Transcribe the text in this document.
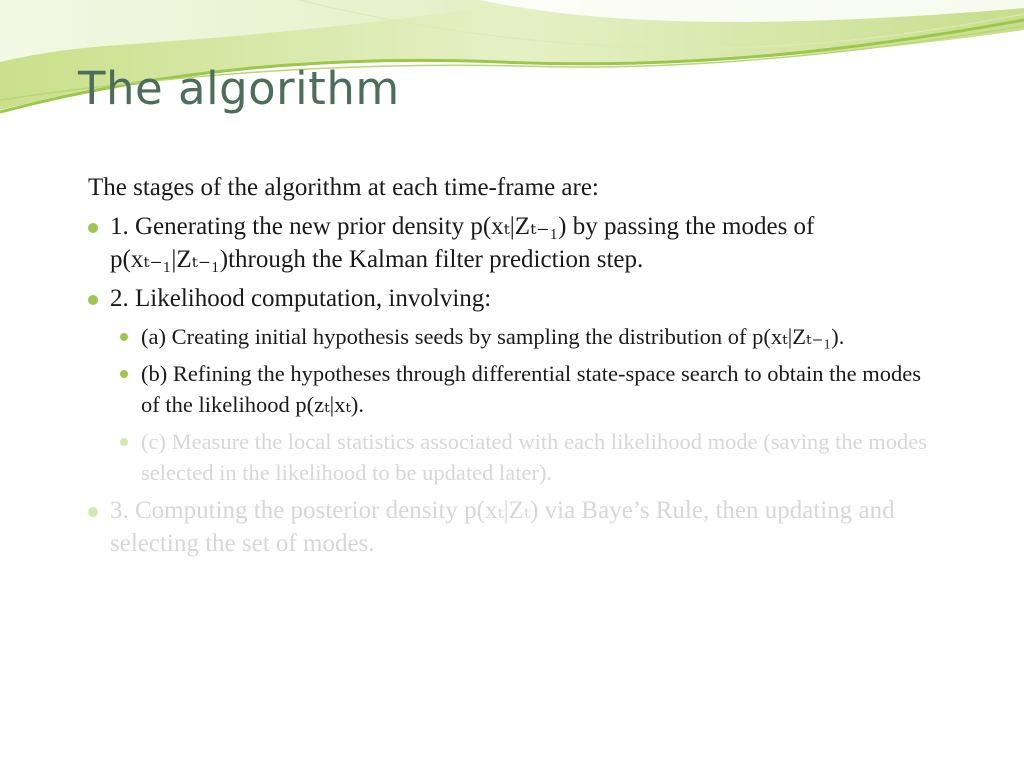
The algorithm

The stages of the algorithm at each time-frame are:

1. Generating the new prior density p(xₜ|Zₜ₋₁) by passing the modes of p(xₜ₋₁|Zₜ₋₁)through the Kalman filter prediction step.
2. Likelihood computation, involving:
(a) Creating initial hypothesis seeds by sampling the distribution of p(xₜ|Zₜ₋₁).
(b) Refining the hypotheses through differential state-space search to obtain the modes of the likelihood p(zₜ|xₜ).
(c) Measure the local statistics associated with each likelihood mode (saving the modes selected in the likelihood to be updated later).
3. Computing the posterior density p(xₜ|Zₜ) via Baye’s Rule, then updating and selecting the set of modes.
